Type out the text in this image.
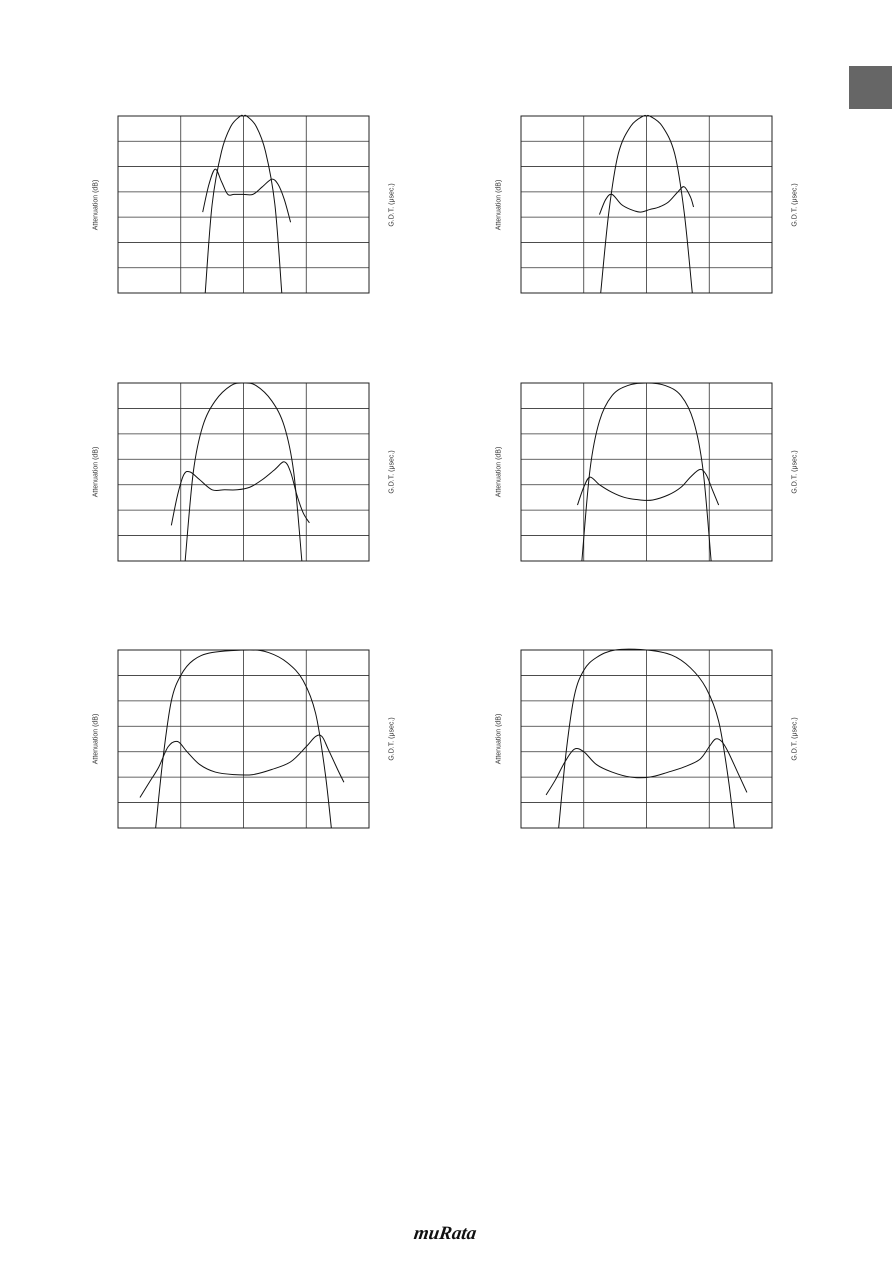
Attenuation (dB)	G.D.T. (μsec.)	Attenuation (dB)	G.D.T. (μsec.)
Attenuation (dB)	G.D.T. (μsec.)	Attenuation (dB)	G.D.T. (μsec.)
Attenuation (dB)	G.D.T. (μsec.)	Attenuation (dB)	G.D.T. (μsec.)
muRata
